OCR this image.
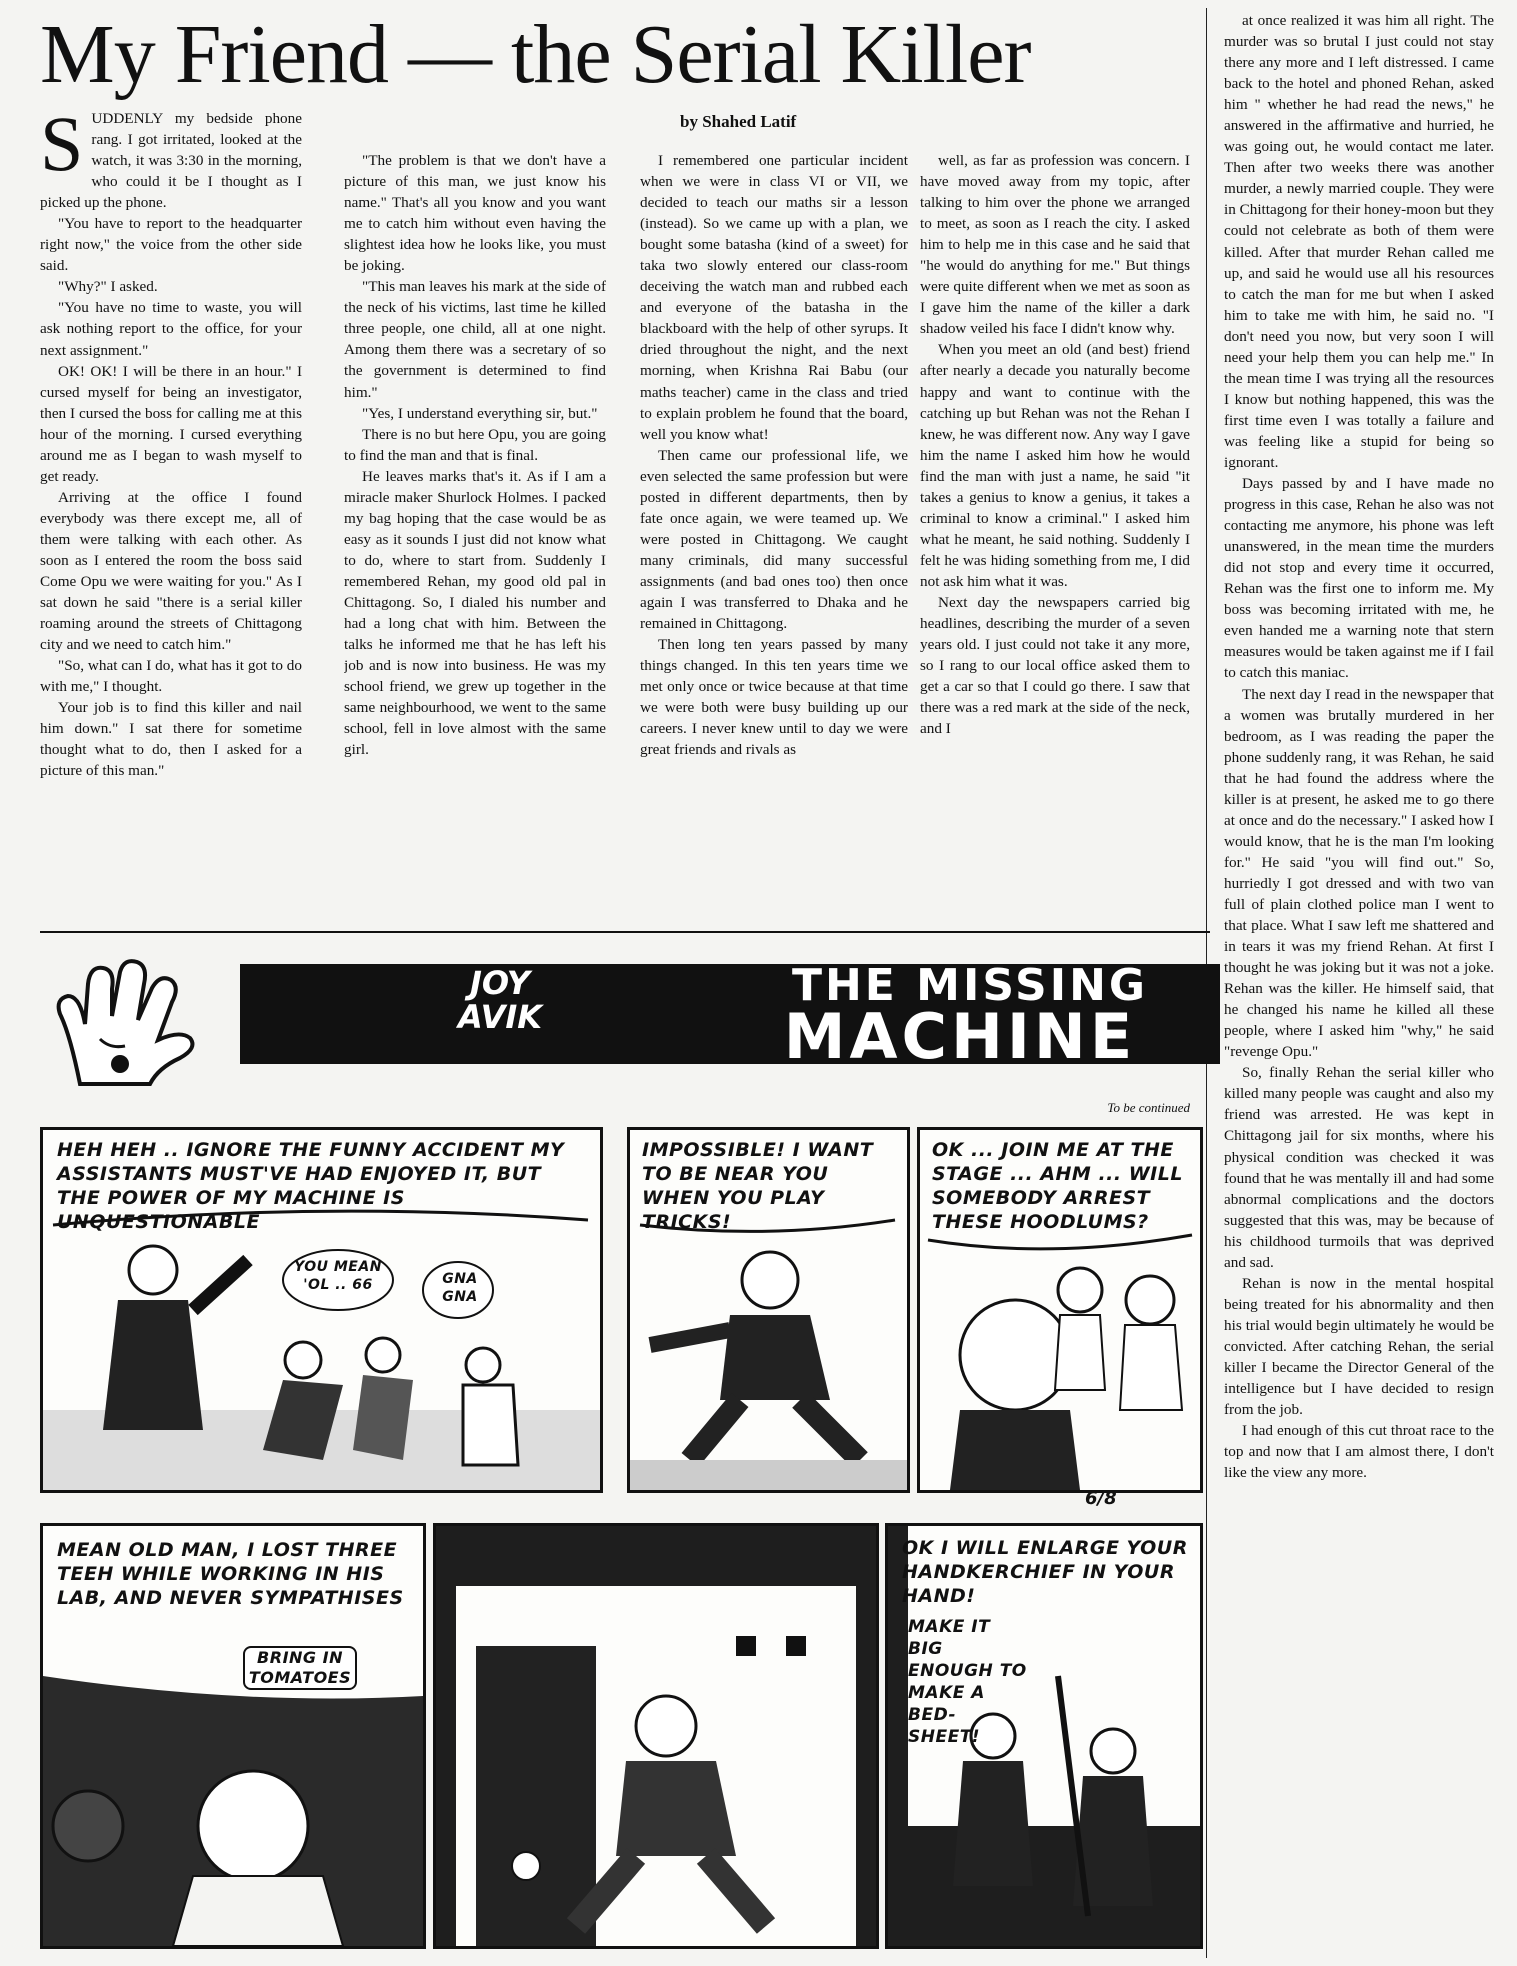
My Friend — the Serial Killer
by Shahed Latif

SUDDENLY my bedside phone rang. I got irritated, looked at the watch, it was 3:30 in the morning, who could it be I thought as I picked up the phone.

"You have to report to the headquarter right now," the voice from the other side said.

"Why?" I asked.

"You have no time to waste, you will ask nothing report to the office, for your next assignment."

OK! OK! I will be there in an hour." I cursed myself for being an investigator, then I cursed the boss for calling me at this hour of the morning. I cursed everything around me as I began to wash myself to get ready.

Arriving at the office I found everybody was there except me, all of them were talking with each other. As soon as I entered the room the boss said Come Opu we were waiting for you." As I sat down he said "there is a serial killer roaming around the streets of Chittagong city and we need to catch him."

"So, what can I do, what has it got to do with me," I thought.

Your job is to find this killer and nail him down." I sat there for sometime thought what to do, then I asked for a picture of this man."

"The problem is that we don't have a picture of this man, we just know his name." That's all you know and you want me to catch him without even having the slightest idea how he looks like, you must be joking.

"This man leaves his mark at the side of the neck of his victims, last time he killed three people, one child, all at one night. Among them there was a secretary of so the government is determined to find him."

"Yes, I understand everything sir, but."

There is no but here Opu, you are going to find the man and that is final.

He leaves marks that's it. As if I am a miracle maker Shurlock Holmes. I packed my bag hoping that the case would be as easy as it sounds I just did not know what to do, where to start from. Suddenly I remembered Rehan, my good old pal in Chittagong. So, I dialed his number and had a long chat with him. Between the talks he informed me that he has left his job and is now into business. He was my school friend, we grew up together in the same neighbourhood, we went to the same school, fell in love almost with the same girl.

I remembered one particular incident when we were in class VI or VII, we decided to teach our maths sir a lesson (instead). So we came up with a plan, we bought some batasha (kind of a sweet) for taka two slowly entered our class-room deceiving the watch man and rubbed each and everyone of the batasha in the blackboard with the help of other syrups. It dried throughout the night, and the next morning, when Krishna Rai Babu (our maths teacher) came in the class and tried to explain problem he found that the board, well you know what!

Then came our professional life, we even selected the same profession but were posted in different departments, then by fate once again, we were teamed up. We were posted in Chittagong. We caught many criminals, did many successful assignments (and bad ones too) then once again I was transferred to Dhaka and he remained in Chittagong.

Then long ten years passed by many things changed. In this ten years time we met only once or twice because at that time we were both were busy building up our careers. I never knew until to day we were great friends and rivals as

well, as far as profession was concern. I have moved away from my topic, after talking to him over the phone we arranged to meet, as soon as I reach the city. I asked him to help me in this case and he said that "he would do anything for me." But things were quite different when we met as soon as I gave him the name of the killer a dark shadow veiled his face I didn't know why.

When you meet an old (and best) friend after nearly a decade you naturally become happy and want to continue with the catching up but Rehan was not the Rehan I knew, he was different now. Any way I gave him the name I asked him how he would find the man with just a name, he said "it takes a genius to know a genius, it takes a criminal to know a criminal." I asked him what he meant, he said nothing. Suddenly I felt he was hiding something from me, I did not ask him what it was.

Next day the newspapers carried big headlines, describing the murder of a seven years old. I just could not take it any more, so I rang to our local office asked them to get a car so that I could go there. I saw that there was a red mark at the side of the neck, and I

at once realized it was him all right. The murder was so brutal I just could not stay there any more and I left distressed. I came back to the hotel and phoned Rehan, asked him " whether he had read the news," he answered in the affirmative and hurried, he was going out, he would contact me later. Then after two weeks there was another murder, a newly married couple. They were in Chittagong for their honey-moon but they could not celebrate as both of them were killed. After that murder Rehan called me up, and said he would use all his resources to catch the man for me but when I asked him to take me with him, he said no. "I don't need you now, but very soon I will need your help them you can help me." In the mean time I was trying all the resources I know but nothing happened, this was the first time even I was totally a failure and was feeling like a stupid for being so ignorant.

Days passed by and I have made no progress in this case, Rehan he also was not contacting me anymore, his phone was left unanswered, in the mean time the murders did not stop and every time it occurred, Rehan was the first one to inform me. My boss was becoming irritated with me, he even handed me a warning note that stern measures would be taken against me if I fail to catch this maniac.

The next day I read in the newspaper that a women was brutally murdered in her bedroom, as I was reading the paper the phone suddenly rang, it was Rehan, he said that he had found the address where the killer is at present, he asked me to go there at once and do the necessary." I asked how I would know, that he is the man I'm looking for." He said "you will find out." So, hurriedly I got dressed and with two van full of plain clothed police man I went to that place. What I saw left me shattered and in tears it was my friend Rehan. At first I thought he was joking but it was not a joke. Rehan was the killer. He himself said, that he changed his name he killed all these people, where I asked him "why," he said "revenge Opu."

So, finally Rehan the serial killer who killed many people was caught and also my friend was arrested. He was kept in Chittagong jail for six months, where his physical condition was checked it was found that he was mentally ill and had some abnormal complications and the doctors suggested that this was, may be because of his childhood turmoils that was deprived and sad.

Rehan is now in the mental hospital being treated for his abnormality and then his trial would begin ultimately he would be convicted. After catching Rehan, the serial killer I became the Director General of the intelligence but I have decided to resign from the job.

I had enough of this cut throat race to the top and now that I am almost there, I don't like the view any more.

JOY
AVIK
THE MISSING
MACHINE
To be continued
HEH HEH .. IGNORE THE FUNNY ACCIDENT MY ASSISTANTS MUST'VE HAD ENJOYED IT, BUT THE POWER OF MY MACHINE IS UNQUESTIONABLE
YOU MEAN 'OL .. 66	GNA GNA
IMPOSSIBLE! I WANT TO BE NEAR YOU WHEN YOU PLAY TRICKS!
OK ... JOIN ME AT THE STAGE ... AHM ... WILL SOMEBODY ARREST THESE HOODLUMS?
MEAN OLD MAN, I LOST THREE TEEH WHILE WORKING IN HIS LAB, AND NEVER SYMPATHISES
BRING IN TOMATOES
OK I WILL ENLARGE YOUR HANDKERCHIEF IN YOUR HAND!
MAKE IT BIG ENOUGH TO MAKE A BED-SHEET!
6/8
